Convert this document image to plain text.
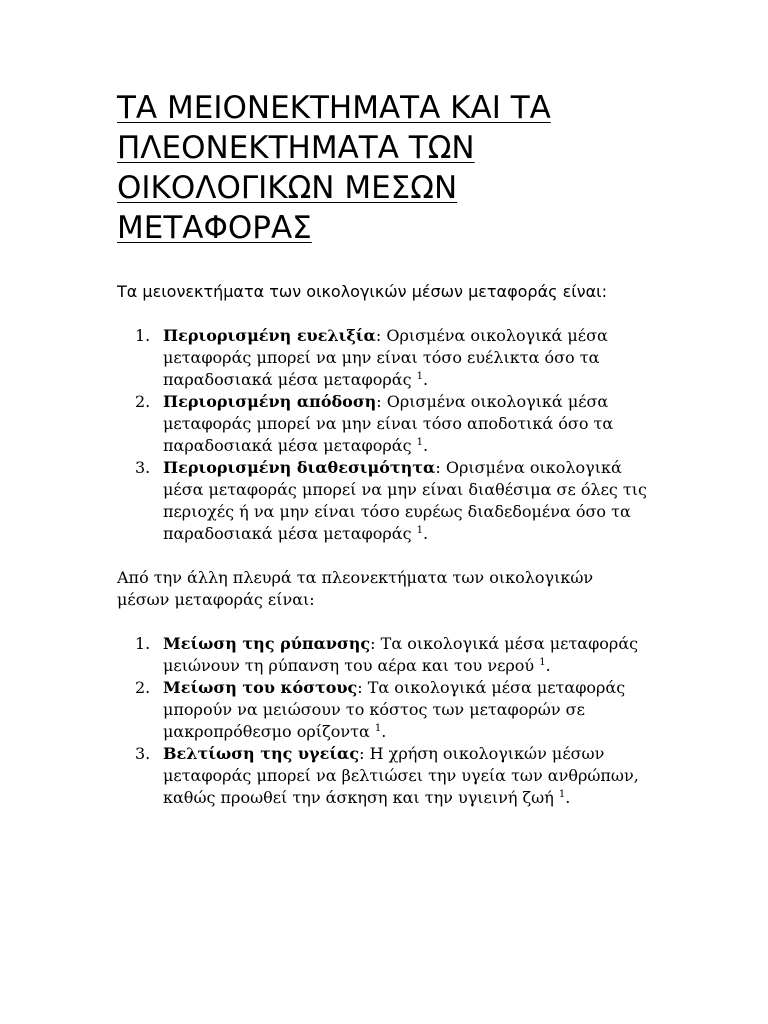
ΤΑ ΜΕΙΟΝΕΚΤΗΜΑΤΑ ΚΑΙ ΤΑ
ΠΛΕΟΝΕΚΤΗΜΑΤΑ ΤΩΝ
ΟΙΚΟΛΟΓΙΚΩΝ ΜΕΣΩΝ
ΜΕΤΑΦΟΡΑΣ

Τα μειονεκτήματα των οικολογικών μέσων μεταφοράς είναι:

1. Περιορισμένη ευελιξία: Ορισμένα οικολογικά μέσα μεταφοράς μπορεί να μην είναι τόσο ευέλικτα όσο τα παραδοσιακά μέσα μεταφοράς $^1$.
2. Περιορισμένη απόδοση: Ορισμένα οικολογικά μέσα μεταφοράς μπορεί να μην είναι τόσο αποδοτικά όσο τα παραδοσιακά μέσα μεταφοράς $^1$.
3. Περιορισμένη διαθεσιμότητα: Ορισμένα οικολογικά μέσα μεταφοράς μπορεί να μην είναι διαθέσιμα σε όλες τις περιοχές ή να μην είναι τόσο ευρέως διαδεδομένα όσο τα παραδοσιακά μέσα μεταφοράς $^1$.

Από την άλλη πλευρά τα πλεονεκτήματα των οικολογικών μέσων μεταφοράς είναι:

1. Μείωση της ρύπανσης: Τα οικολογικά μέσα μεταφοράς μειώνουν τη ρύπανση του αέρα και του νερού $^1$.
2. Μείωση του κόστους: Τα οικολογικά μέσα μεταφοράς μπορούν να μειώσουν το κόστος των μεταφορών σε μακροπρόθεσμο ορίζοντα $^1$.
3. Βελτίωση της υγείας: Η χρήση οικολογικών μέσων μεταφοράς μπορεί να βελτιώσει την υγεία των ανθρώπων, καθώς προωθεί την άσκηση και την υγιεινή ζωή $^1$.
